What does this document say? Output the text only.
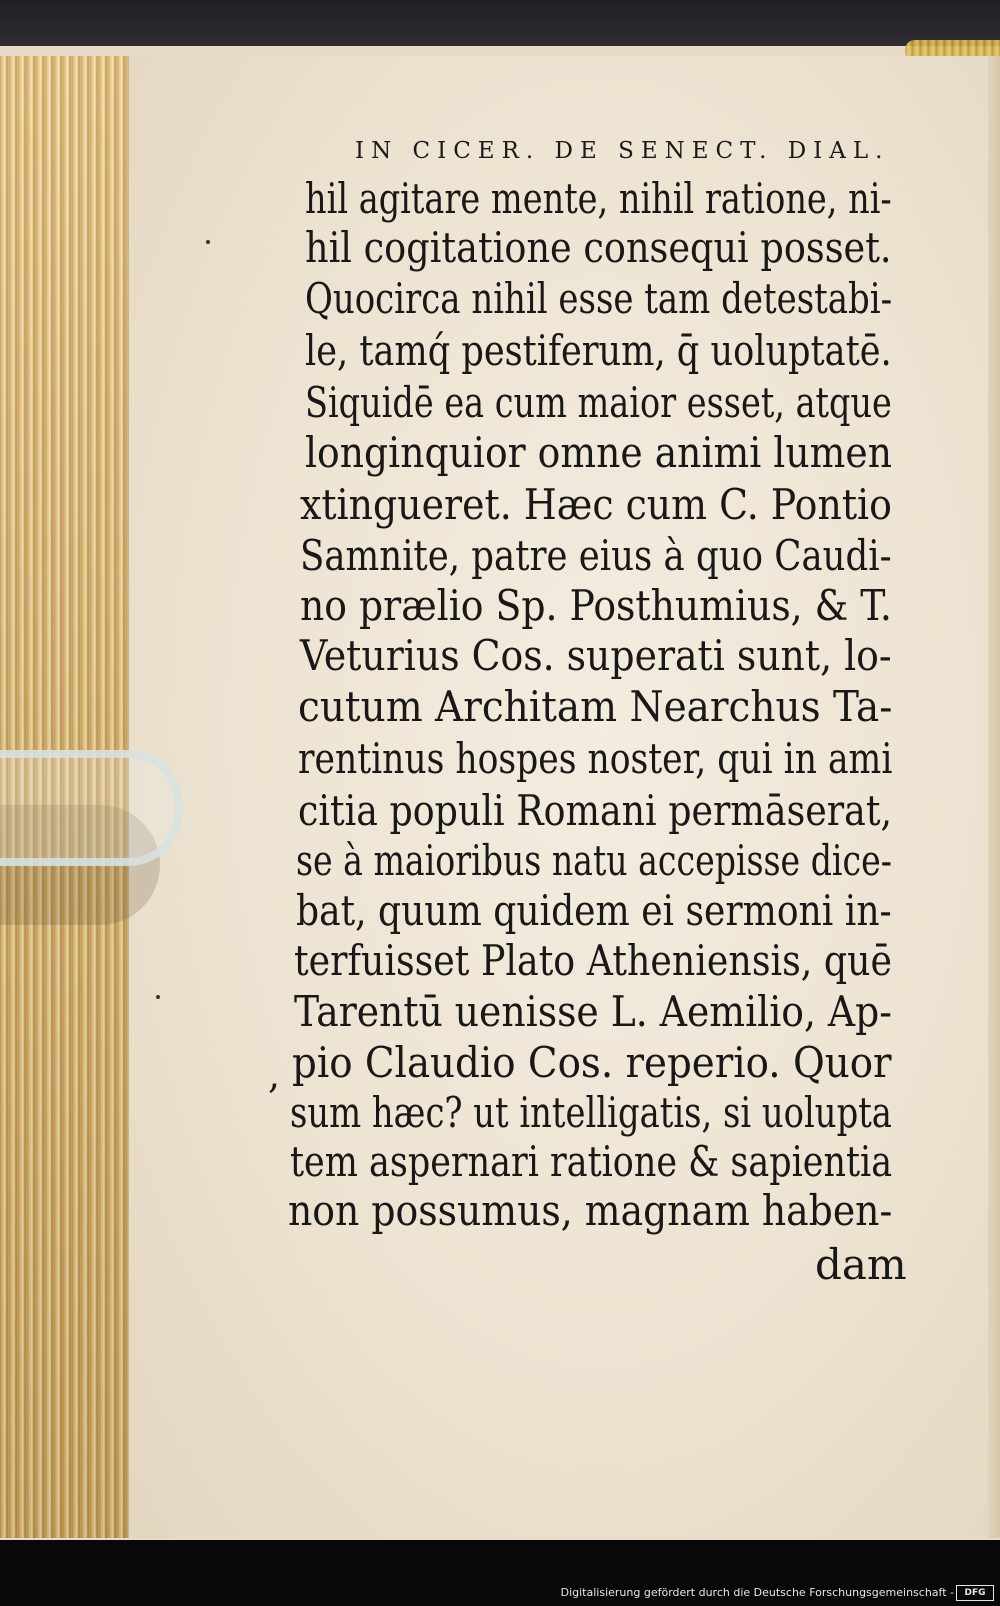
IN CICER. DE SENECT. DIAL.
hil agitare mente, nihil ratione, ni-
hil cogitatione consequi posset.
Quocirca nihil esse tam detestabi-
le, tamq́ pestiferum, q̄ uoluptatē.
Siquidē ea cum maior esset, atque
longinquior omne animi lumen
xtingueret. Hæc cum C. Pontio
Samnite, patre eius à quo Caudi-
no prælio Sp. Posthumius, & T.
Veturius Cos. superati sunt, lo-
cutum Architam Nearchus Ta-
rentinus hospes noster, qui in ami
citia populi Romani permāserat,
se à maioribus natu accepisse dice-
bat, quum quidem ei sermoni in-
terfuisset Plato Atheniensis, quē
Tarentū uenisse L. Aemilio, Ap-
pio Claudio Cos. reperio. Quor
sum hæc? ut intelligatis, si uolupta
tem aspernari ratione & sapientia
non possumus, magnam haben-
,
dam
Digitalisierung gefördert durch die Deutsche Forschungsgemeinschaft -	DFG
